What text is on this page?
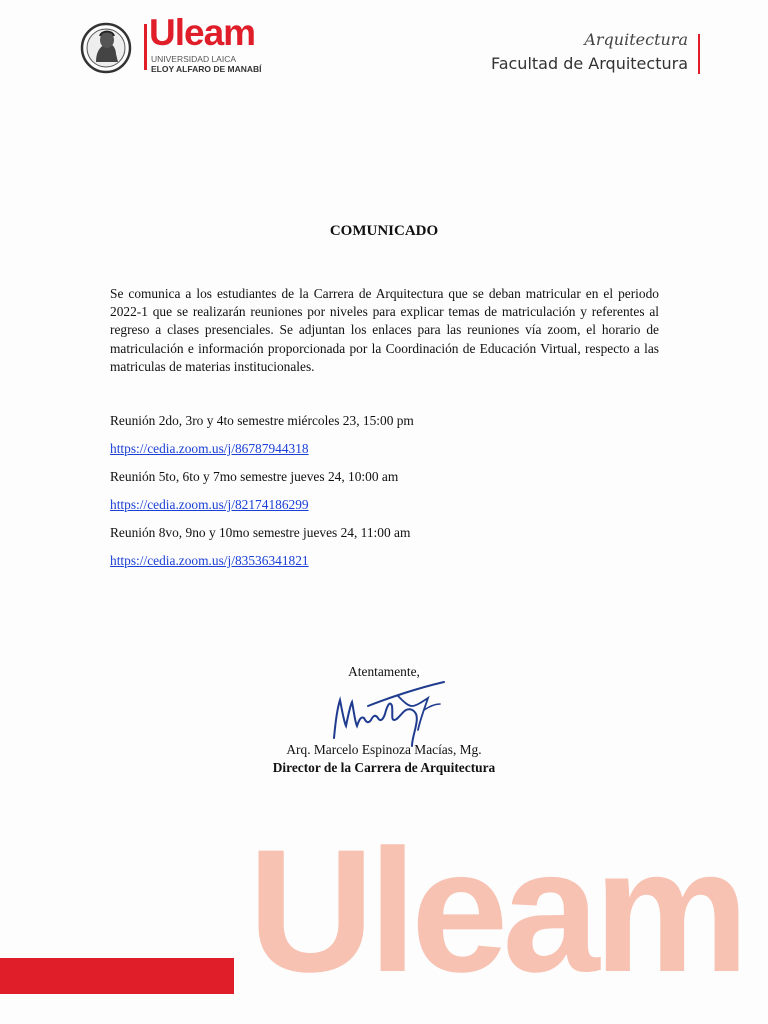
Uleam
UNIVERSIDAD LAICA
ELOY ALFARO DE MANABÍ
Arquitectura
Facultad de Arquitectura
COMUNICADO
Se comunica a los estudiantes de la Carrera de Arquitectura que se deban matricular en el periodo 2022-1 que se realizarán reuniones por niveles para explicar temas de matriculación y referentes al regreso a clases presenciales. Se adjuntan los enlaces para las reuniones vía zoom, el horario de matriculación e información proporcionada por la Coordinación de Educación Virtual, respecto a las matriculas de materias institucionales.
Reunión 2do, 3ro y 4to semestre miércoles 23, 15:00 pm
https://cedia.zoom.us/j/86787944318
Reunión 5to, 6to y 7mo semestre jueves 24, 10:00 am
https://cedia.zoom.us/j/82174186299
Reunión 8vo, 9no y 10mo semestre jueves 24, 11:00 am
https://cedia.zoom.us/j/83536341821
Atentamente,
Arq. Marcelo Espinoza Macías, Mg.
Director de la Carrera de Arquitectura
Uleam
